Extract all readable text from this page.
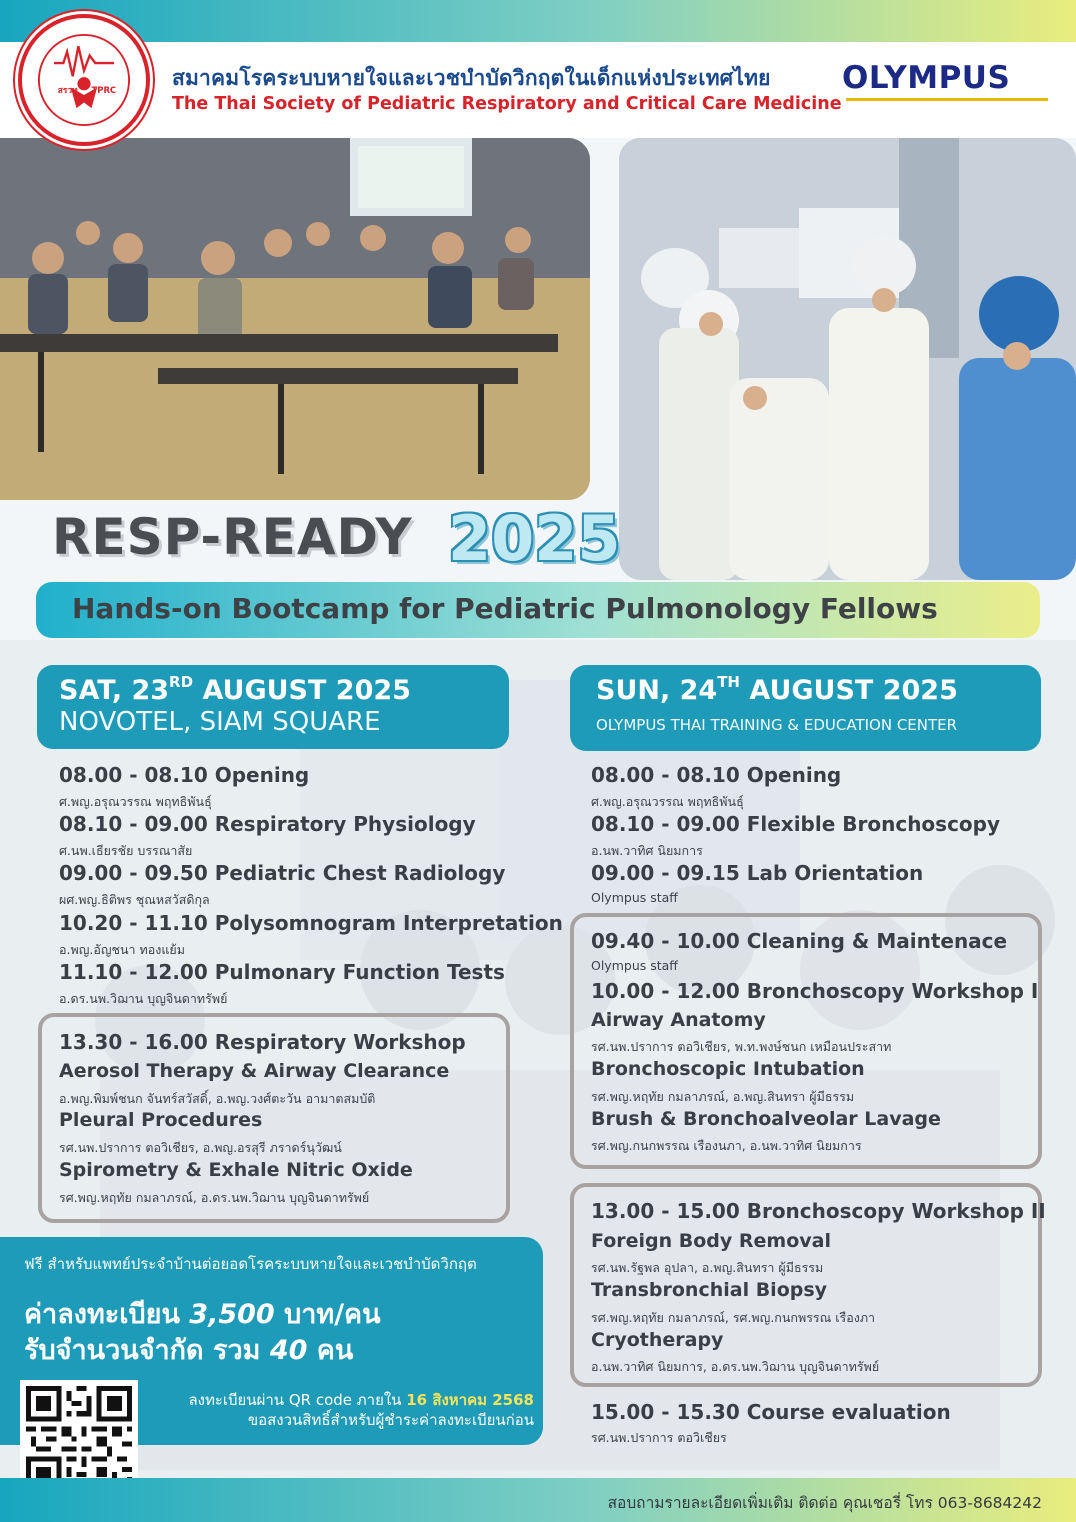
สรวท TPRC
สมาคมโรคระบบหายใจและเวชบำบัดวิกฤตในเด็กแห่งประเทศไทย
The Thai Society of Pediatric Respiratory and Critical Care Medicine
OLYMPUS
RESP-READY 2025
Hands-on Bootcamp for Pediatric Pulmonology Fellows
SAT, 23RD AUGUST 2025
NOVOTEL, SIAM SQUARE
SUN, 24TH AUGUST 2025
OLYMPUS THAI TRAINING & EDUCATION CENTER
08.00 - 08.10 Opening
ศ.พญ.อรุณวรรณ พฤทธิพันธุ์
08.10 - 09.00 Respiratory Physiology
ศ.นพ.เธียรชัย บรรณาสัย
09.00 - 09.50 Pediatric Chest Radiology
ผศ.พญ.ธิติพร ชุณหสวัสดิกุล
10.20 - 11.10 Polysomnogram Interpretation
อ.พญ.อัญชนา ทองแย้ม
11.10 - 12.00 Pulmonary Function Tests
อ.ดร.นพ.วิฌาน บุญจินดาทรัพย์
13.30 - 16.00 Respiratory Workshop
Aerosol Therapy & Airway Clearance
อ.พญ.พิมพ์ชนก จันทร์สวัสดิ์, อ.พญ.วงศ์ตะวัน อามาตสมบัติ
Pleural Procedures
รศ.นพ.ปราการ ตอวิเชียร, อ.พญ.อรสุรี ภราดร์นุวัฒน์
Spirometry & Exhale Nitric Oxide
รศ.พญ.หฤทัย กมลาภรณ์, อ.ดร.นพ.วิฌาน บุญจินดาทรัพย์
08.00 - 08.10 Opening
ศ.พญ.อรุณวรรณ พฤทธิพันธุ์
08.10 - 09.00 Flexible Bronchoscopy
อ.นพ.วาทิศ นิยมการ
09.00 - 09.15 Lab Orientation
Olympus staff
09.40 - 10.00 Cleaning & Maintenace
Olympus staff
10.00 - 12.00 Bronchoscopy Workshop I
Airway Anatomy
รศ.นพ.ปราการ ตอวิเชียร, พ.ท.พงษ์ชนก เหมือนประสาท
Bronchoscopic Intubation
รศ.พญ.หฤทัย กมลาภรณ์, อ.พญ.สินทรา ผู้มีธรรม
Brush & Bronchoalveolar Lavage
รศ.พญ.กนกพรรณ เรืองนภา, อ.นพ.วาทิศ นิยมการ
13.00 - 15.00 Bronchoscopy Workshop II
Foreign Body Removal
รศ.นพ.รัฐพล อุปลา, อ.พญ.สินทรา ผู้มีธรรม
Transbronchial Biopsy
รศ.พญ.หฤทัย กมลาภรณ์, รศ.พญ.กนกพรรณ เรืองภา
Cryotherapy
อ.นพ.วาทิศ นิยมการ, อ.ดร.นพ.วิฌาน บุญจินดาทรัพย์
15.00 - 15.30 Course evaluation
รศ.นพ.ปราการ ตอวิเชียร
ฟรี สำหรับแพทย์ประจำบ้านต่อยอดโรคระบบหายใจและเวชบำบัดวิกฤต
ค่าลงทะเบียน 3,500 บาท/คน
รับจำนวนจำกัด รวม 40 คน
ลงทะเบียนผ่าน QR code ภายใน 16 สิงหาคม 2568
ขอสงวนสิทธิ์สำหรับผู้ชำระค่าลงทะเบียนก่อน
สอบถามรายละเอียดเพิ่มเติม ติดต่อ คุณเชอรี่ โทร 063-8684242
